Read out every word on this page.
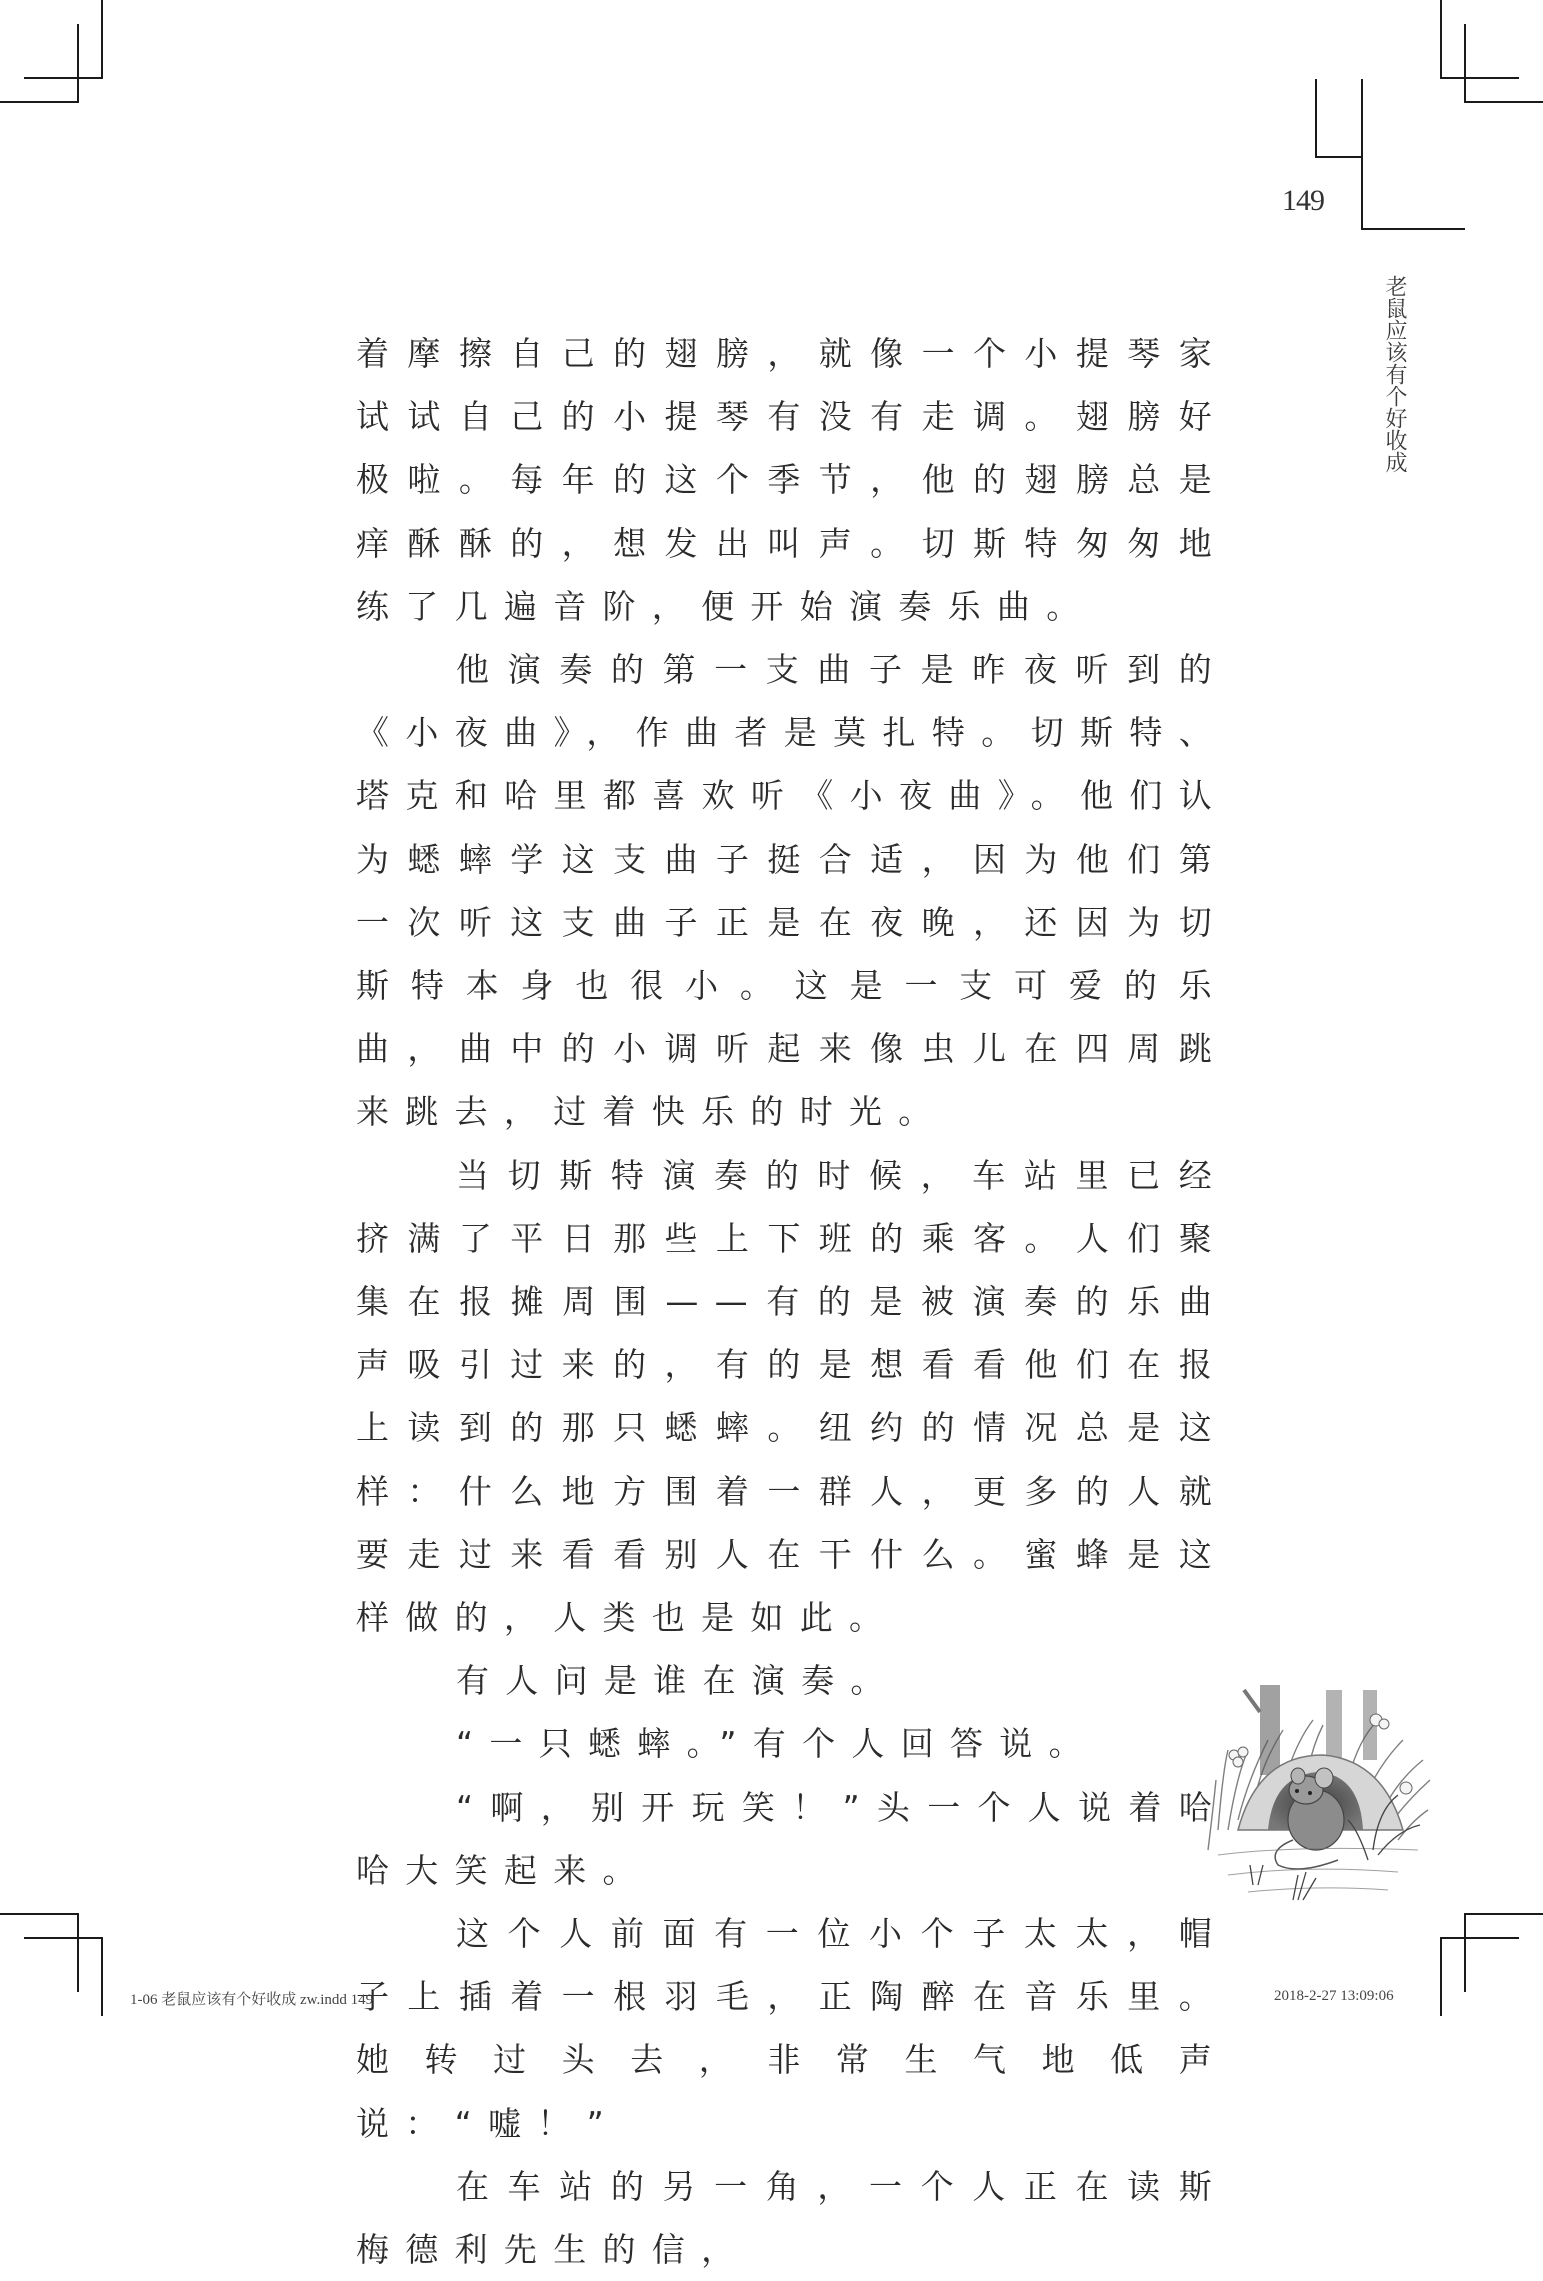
149
老鼠应该有个好收成

着摩擦自己的翅膀，就像一个小提琴家试试自己的小提琴有没有走调。翅膀好极啦。每年的这个季节，他的翅膀总是痒酥酥的，想发出叫声。切斯特匆匆地练了几遍音阶，便开始演奏乐曲。

他演奏的第一支曲子是昨夜听到的《小夜曲》，作曲者是莫扎特。切斯特、塔克和哈里都喜欢听《小夜曲》。他们认为蟋蟀学这支曲子挺合适，因为他们第一次听这支曲子正是在夜晚，还因为切斯特本身也很小。这是一支可爱的乐曲，曲中的小调听起来像虫儿在四周跳来跳去，过着快乐的时光。

当切斯特演奏的时候，车站里已经挤满了平日那些上下班的乘客。人们聚集在报摊周围——有的是被演奏的乐曲声吸引过来的，有的是想看看他们在报上读到的那只蟋蟀。纽约的情况总是这样：什么地方围着一群人，更多的人就要走过来看看别人在干什么。蜜蜂是这样做的，人类也是如此。

有人问是谁在演奏。

“一只蟋蟀。”有个人回答说。

“啊，别开玩笑！”头一个人说着哈哈大笑起来。

这个人前面有一位小个子太太，帽子上插着一根羽毛，正陶醉在音乐里。她转过头去，非常生气地低声说：“嘘！”

在车站的另一角，一个人正在读斯梅德利先生的信，

1-06 老鼠应该有个好收成 zw.indd 149	2018-2-27 13:09:06
